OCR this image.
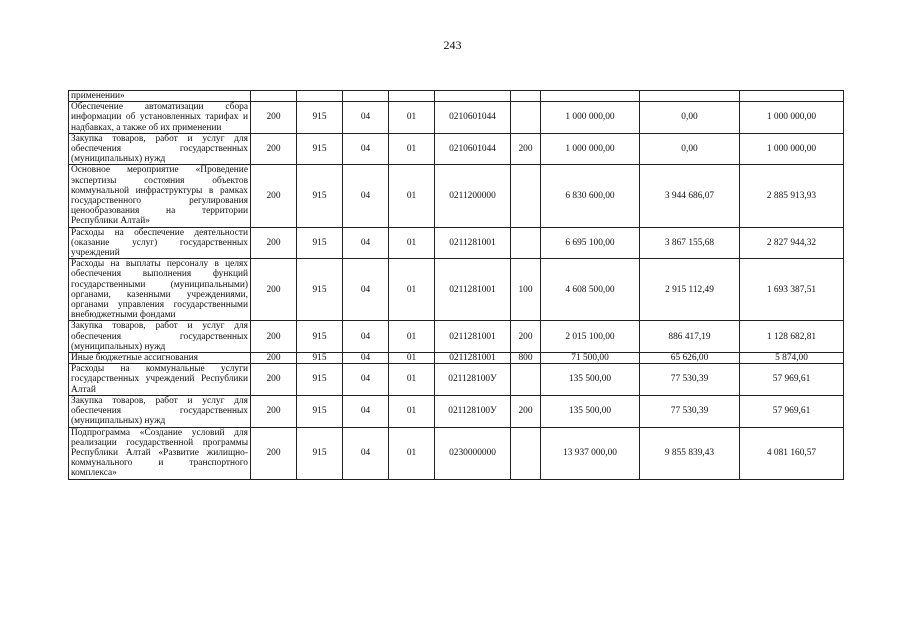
243
применении»									
Обеспечение автоматизации сбора информации об установленных тарифах и надбавках, а также об их применении	200	915	04	01	0210601044		1 000 000,00	0,00	1 000 000,00
Закупка товаров, работ и услуг для обеспечения государственных (муниципальных) нужд	200	915	04	01	0210601044	200	1 000 000,00	0,00	1 000 000,00
Основное мероприятие «Проведение экспертизы состояния объектов коммунальной инфраструктуры в рамках государственного регулирования ценообразования на территории Республики Алтай»	200	915	04	01	0211200000		6 830 600,00	3 944 686,07	2 885 913,93
Расходы на обеспечение деятельности (оказание услуг) государственных учреждений	200	915	04	01	0211281001		6 695 100,00	3 867 155,68	2 827 944,32
Расходы на выплаты персоналу в целях обеспечения выполнения функций государственными (муниципальными) органами, казенными учреждениями, органами управления государственными внебюджетными фондами	200	915	04	01	0211281001	100	4 608 500,00	2 915 112,49	1 693 387,51
Закупка товаров, работ и услуг для обеспечения государственных (муниципальных) нужд	200	915	04	01	0211281001	200	2 015 100,00	886 417,19	1 128 682,81
Иные бюджетные ассигнования	200	915	04	01	0211281001	800	71 500,00	65 626,00	5 874,00
Расходы на коммунальные услуги государственных учреждений Республики Алтай	200	915	04	01	021128100У		135 500,00	77 530,39	57 969,61
Закупка товаров, работ и услуг для обеспечения государственных (муниципальных) нужд	200	915	04	01	021128100У	200	135 500,00	77 530,39	57 969,61
Подпрограмма «Создание условий для реализации государственной программы Республики Алтай «Развитие жилищно-коммунального и транспортного комплекса»	200	915	04	01	0230000000		13 937 000,00	9 855 839,43	4 081 160,57
